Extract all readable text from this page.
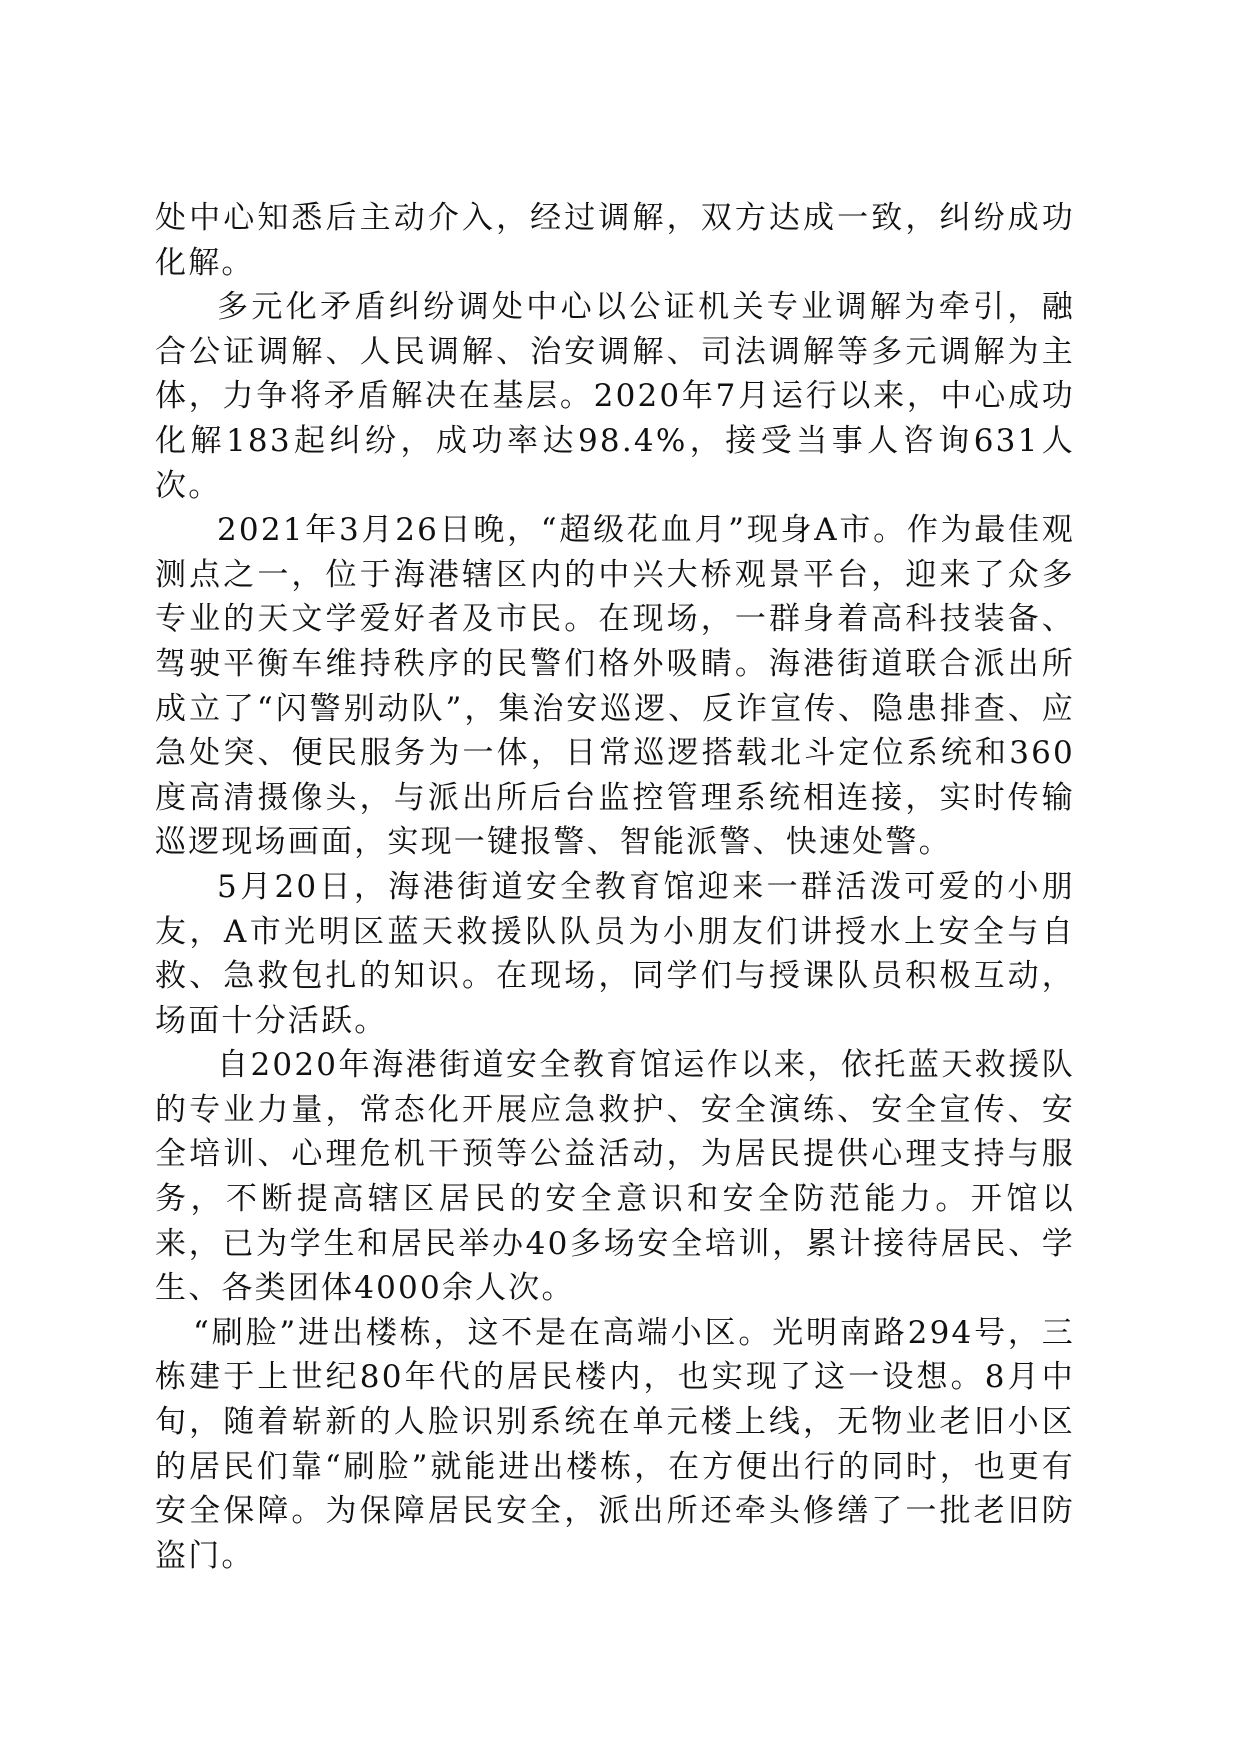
处中心知悉后主动介入，经过调解，双方达成一致，纠纷成功化解。

多元化矛盾纠纷调处中心以公证机关专业调解为牵引，融合公证调解、人民调解、治安调解、司法调解等多元调解为主体，力争将矛盾解决在基层。2020年7月运行以来，中心成功化解183起纠纷，成功率达98.4%，接受当事人咨询631人次。

2021年3月26日晚，“超级花血月”现身A市。作为最佳观测点之一，位于海港辖区内的中兴大桥观景平台，迎来了众多专业的天文学爱好者及市民。在现场，一群身着高科技装备、驾驶平衡车维持秩序的民警们格外吸睛。海港街道联合派出所成立了“闪警别动队”，集治安巡逻、反诈宣传、隐患排查、应急处突、便民服务为一体，日常巡逻搭载北斗定位系统和360度高清摄像头，与派出所后台监控管理系统相连接，实时传输巡逻现场画面，实现一键报警、智能派警、快速处警。

5月20日，海港街道安全教育馆迎来一群活泼可爱的小朋友，A市光明区蓝天救援队队员为小朋友们讲授水上安全与自救、急救包扎的知识。在现场，同学们与授课队员积极互动，场面十分活跃。

自2020年海港街道安全教育馆运作以来，依托蓝天救援队的专业力量，常态化开展应急救护、安全演练、安全宣传、安全培训、心理危机干预等公益活动，为居民提供心理支持与服务，不断提高辖区居民的安全意识和安全防范能力。开馆以来，已为学生和居民举办40多场安全培训，累计接待居民、学生、各类团体4000余人次。

“刷脸”进出楼栋，这不是在高端小区。光明南路294号，三栋建于上世纪80年代的居民楼内，也实现了这一设想。8月中旬，随着崭新的人脸识别系统在单元楼上线，无物业老旧小区的居民们靠“刷脸”就能进出楼栋，在方便出行的同时，也更有安全保障。为保障居民安全，派出所还牵头修缮了一批老旧防盗门。
